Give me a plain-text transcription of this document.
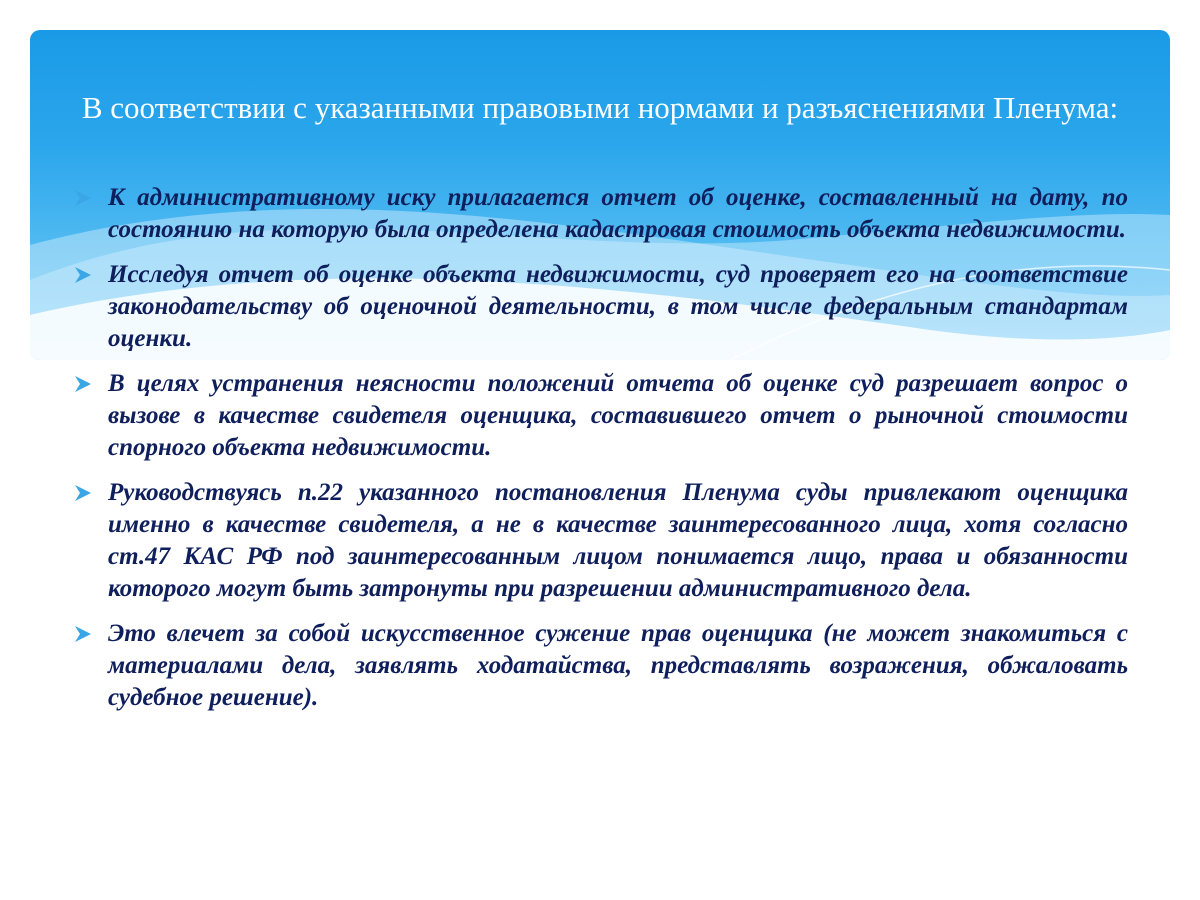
В соответствии с указанными правовыми нормами и разъяснениями Пленума:
К административному иску прилагается отчет об оценке, составленный на дату, по состоянию на которую была определена кадастровая стоимость объекта недвижимости.
Исследуя отчет об оценке объекта недвижимости, суд проверяет его на соответствие законодательству об оценочной деятельности, в том числе федеральным стандартам оценки.
В целях устранения неясности положений отчета об оценке суд разрешает вопрос о вызове в качестве свидетеля оценщика, составившего отчет о рыночной стоимости спорного объекта недвижимости.
Руководствуясь п.22 указанного постановления Пленума суды привлекают оценщика именно в качестве свидетеля, а не в качестве заинтересованного лица, хотя согласно ст.47 КАС РФ под заинтересованным лицом понимается лицо, права и обязанности которого могут быть затронуты при разрешении административного дела.
Это влечет за собой искусственное сужение прав оценщика (не может знакомиться с материалами дела, заявлять ходатайства, представлять возражения, обжаловать судебное решение).
